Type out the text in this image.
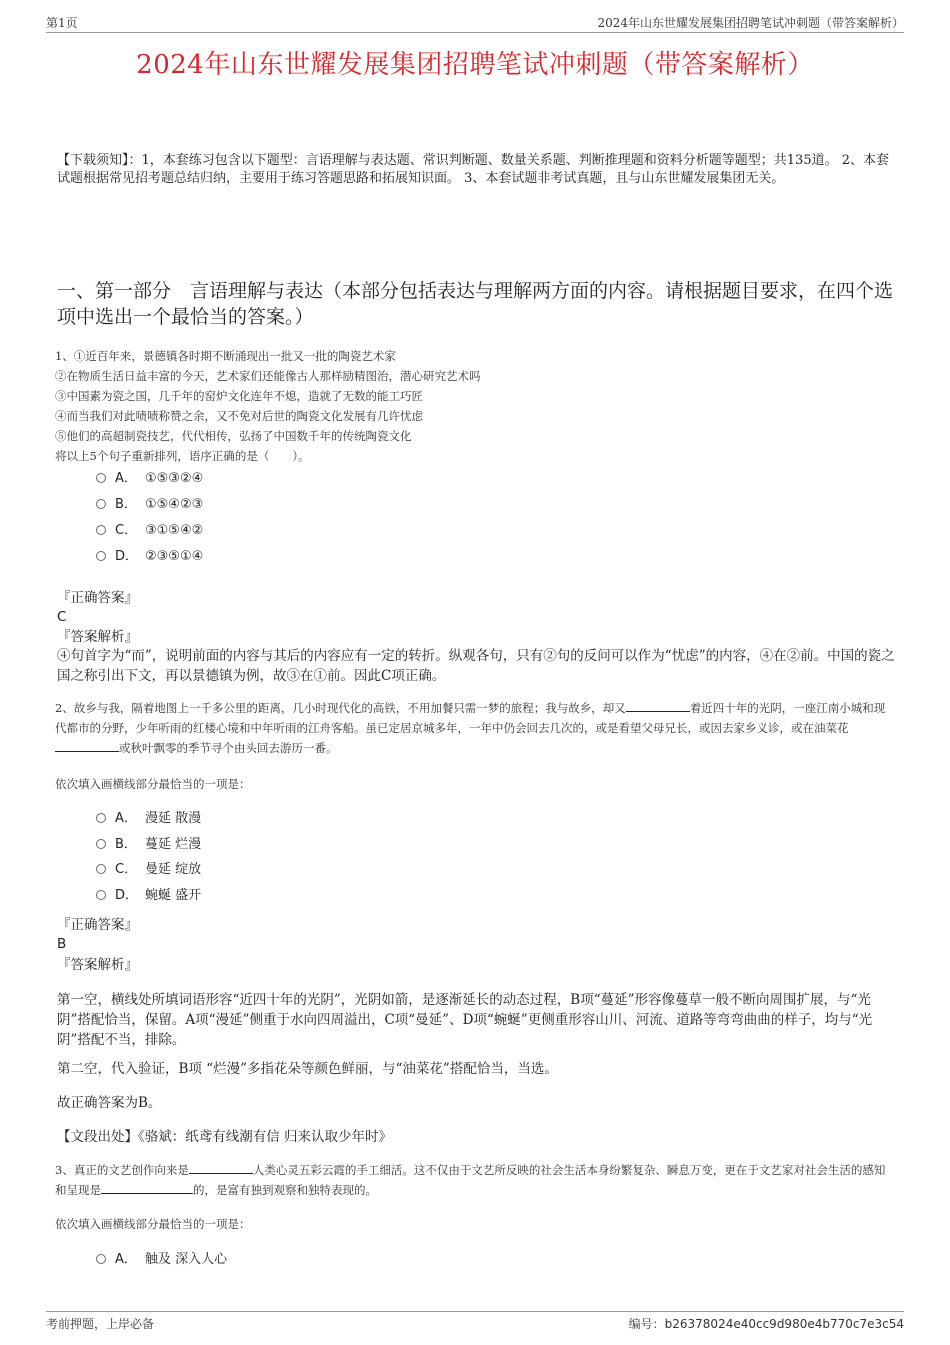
第1页	2024年山东世耀发展集团招聘笔试冲刺题（带答案解析）
2024年山东世耀发展集团招聘笔试冲刺题（带答案解析）
【下载须知】：1，本套练习包含以下题型：言语理解与表达题、常识判断题、数量关系题、判断推理题和资料分析题等题型；共135道。 2、本套试题根据常见招考题总结归纳，主要用于练习答题思路和拓展知识面。 3、本套试题非考试真题，且与山东世耀发展集团无关。
一、第一部分　言语理解与表达（本部分包括表达与理解两方面的内容。请根据题目要求，在四个选项中选出一个最恰当的答案。）
1、①近百年来，景德镇各时期不断涌现出一批又一批的陶瓷艺术家
②在物质生活日益丰富的今天，艺术家们还能像古人那样励精图治，潜心研究艺术吗
③中国素为瓷之国，几千年的窑炉文化连年不熄，造就了无数的能工巧匠
④而当我们对此啧啧称赞之余，又不免对后世的陶瓷文化发展有几许忧虑
⑤他们的高超制瓷技艺，代代相传，弘扬了中国数千年的传统陶瓷文化
将以上5个句子重新排列，语序正确的是（　　）。
A． ①⑤③②④
B． ①⑤④②③
C． ③①⑤④②
D． ②③⑤①④
『正确答案』
C
『答案解析』
④句首字为“而”，说明前面的内容与其后的内容应有一定的转折。纵观各句，只有②句的反问可以作为“忧虑”的内容，④在②前。中国的瓷之国之称引出下文，再以景德镇为例，故③在①前。因此C项正确。
2、故乡与我，隔着地图上一千多公里的距离，几小时现代化的高铁，不用加餐只需一梦的旅程；我与故乡，却又	着近四十年的光阴，一座江南小城和现代都市的分野，少年听雨的红楼心境和中年听雨的江舟客船。虽已定居京城多年，一年中仍会回去几次的，或是看望父母兄长，或因去家乡义诊，或在油菜花或秋叶飘零的季节寻个由头回去游历一番。
依次填入画横线部分最恰当的一项是：
A． 漫延 散漫
B． 蔓延 烂漫
C． 曼延 绽放
D． 蜿蜒 盛开
『正确答案』
B
『答案解析』
第一空，横线处所填词语形容“近四十年的光阴”，光阴如箭，是逐渐延长的动态过程，B项“蔓延”形容像蔓草一般不断向周围扩展，与“光阴”搭配恰当，保留。A项“漫延”侧重于水向四周溢出，C项“曼延”、D项“蜿蜒”更侧重形容山川、河流、道路等弯弯曲曲的样子，均与“光阴”搭配不当，排除。
第二空，代入验证，B项 “烂漫”多指花朵等颜色鲜丽，与“油菜花”搭配恰当，当选。
故正确答案为B。
【文段出处】《骆斌：纸鸢有线潮有信 归来认取少年时》
3、真正的文艺创作向来是	人类心灵五彩云霞的手工细活。这不仅由于文艺所反映的社会生活本身纷繁复杂、瞬息万变，更在于文艺家对社会生活的感知和呈现是	的，是富有独到观察和独特表现的。
依次填入画横线部分最恰当的一项是：
A． 触及 深入人心
考前押题，上岸必备	编号：b26378024e40cc9d980e4b770c7e3c54
